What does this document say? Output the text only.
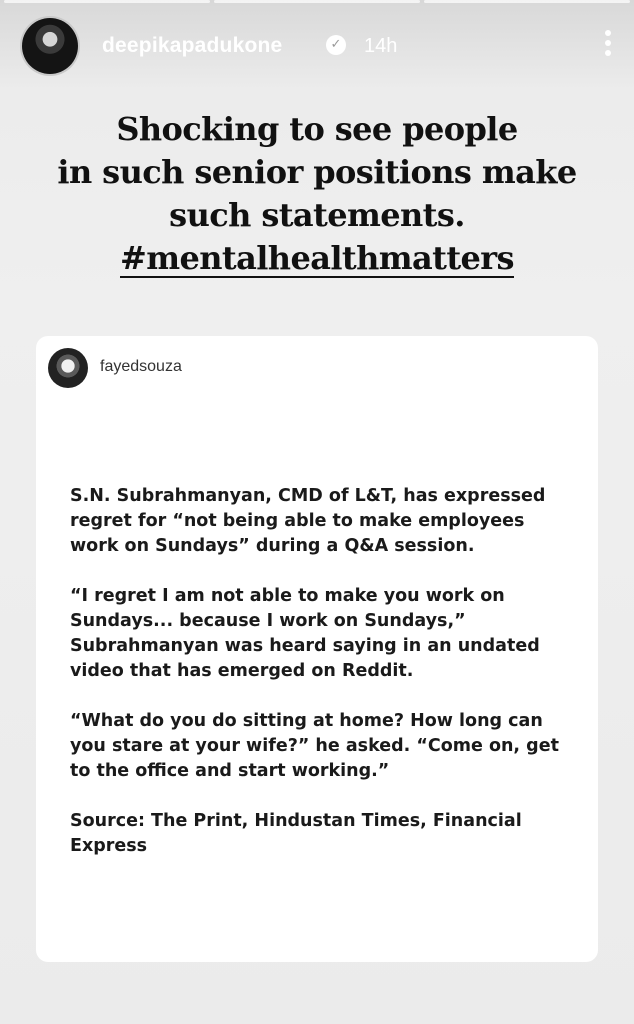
deepikapadukone	✓ 14h
Shocking to see people
in such senior positions make
such statements.
#mentalhealthmatters
fayedsouza

S.N. Subrahmanyan, CMD of L&T, has expressed regret for “not being able to make employees work on Sundays” during a Q&A session.

“I regret I am not able to make you work on Sundays... because I work on Sundays,” Subrahmanyan was heard saying in an undated video that has emerged on Reddit.

“What do you do sitting at home? How long can you stare at your wife?” he asked. “Come on, get to the office and start working.”

Source: The Print, Hindustan Times, Financial Express
